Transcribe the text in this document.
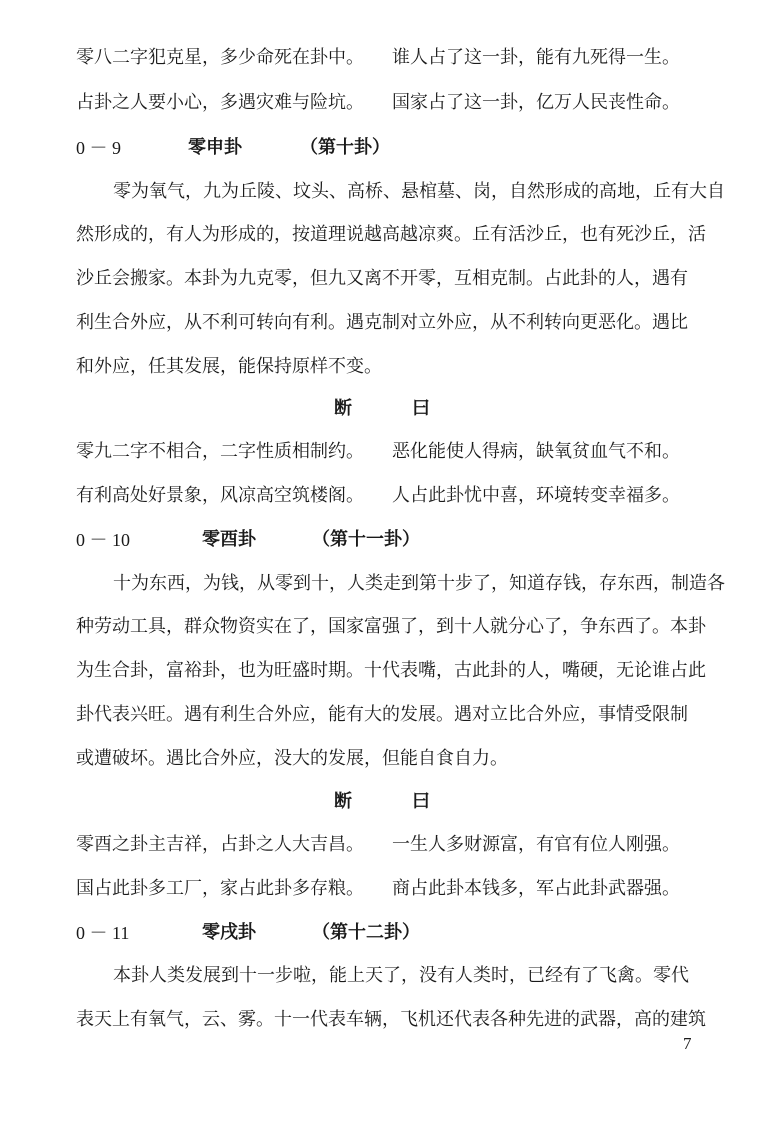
零八二字犯克星，多少命死在卦中。 谁人占了这一卦，能有九死得一生。
占卦之人要小心，多遇灾难与险坑。 国家占了这一卦，亿万人民丧性命。
0 － 9	零申卦	（第十卦）
零为氧气，九为丘陵、坟头、高桥、悬棺墓、岗，自然形成的高地，丘有大自
然形成的，有人为形成的，按道理说越高越凉爽。丘有活沙丘，也有死沙丘，活
沙丘会搬家。本卦为九克零，但九又离不开零，互相克制。占此卦的人，遇有
利生合外应，从不利可转向有利。遇克制对立外应，从不利转向更恶化。遇比
和外应，任其发展，能保持原样不变。
断	曰
零九二字不相合，二字性质相制约。 恶化能使人得病，缺氧贫血气不和。
有利高处好景象，风凉高空筑楼阁。 人占此卦忧中喜，环境转变幸福多。
0 － 10	零酉卦	（第十一卦）
十为东西，为钱，从零到十，人类走到第十步了，知道存钱，存东西，制造各
种劳动工具，群众物资实在了，国家富强了，到十人就分心了，争东西了。本卦
为生合卦，富裕卦，也为旺盛时期。十代表嘴，古此卦的人，嘴硬，无论谁占此
卦代表兴旺。遇有利生合外应，能有大的发展。遇对立比合外应，事情受限制
或遭破坏。遇比合外应，没大的发展，但能自食自力。
断	曰
零酉之卦主吉祥，占卦之人大吉昌。 一生人多财源富，有官有位人刚强。
国占此卦多工厂，家占此卦多存粮。 商占此卦本钱多，军占此卦武器强。
0 － 11	零戌卦	（第十二卦）
本卦人类发展到十一步啦，能上天了，没有人类时，已经有了飞禽。零代
表天上有氧气，云、雾。十一代表车辆，飞机还代表各种先进的武器，高的建筑
7
